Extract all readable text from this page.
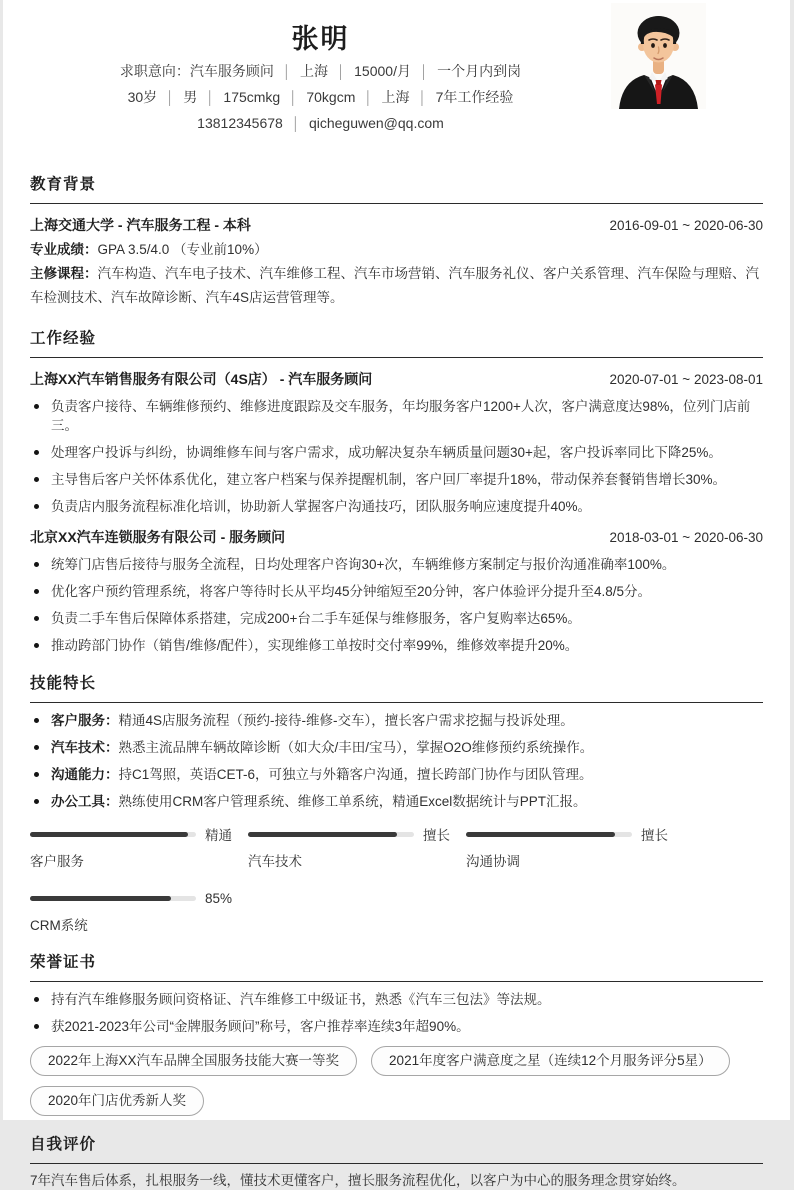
张明
求职意向：汽车服务顾问 │ 上海 │ 15000/月 │ 一个月内到岗
30岁 │ 男 │ 175cmkg │ 70kgcm │ 上海 │ 7年工作经验
13812345678 │ qicheguwen@qq.com
教育背景
上海交通大学 - 汽车服务工程 - 本科	2016-09-01 ~ 2020-06-30
专业成绩：GPA 3.5/4.0 （专业前10%）
主修课程：汽车构造、汽车电子技术、汽车维修工程、汽车市场营销、汽车服务礼仪、客户关系管理、汽车保险与理赔、汽车检测技术、汽车故障诊断、汽车4S店运营管理等。
工作经验
上海XX汽车销售服务有限公司（4S店） - 汽车服务顾问	2020-07-01 ~ 2023-08-01
负责客户接待、车辆维修预约、维修进度跟踪及交车服务，年均服务客户1200+人次，客户满意度达98%，位列门店前三。
处理客户投诉与纠纷，协调维修车间与客户需求，成功解决复杂车辆质量问题30+起，客户投诉率同比下降25%。
主导售后客户关怀体系优化，建立客户档案与保养提醒机制，客户回厂率提升18%，带动保养套餐销售增长30%。
负责店内服务流程标准化培训，协助新人掌握客户沟通技巧，团队服务响应速度提升40%。
北京XX汽车连锁服务有限公司 - 服务顾问	2018-03-01 ~ 2020-06-30
统筹门店售后接待与服务全流程，日均处理客户咨询30+次，车辆维修方案制定与报价沟通准确率100%。
优化客户预约管理系统，将客户等待时长从平均45分钟缩短至20分钟，客户体验评分提升至4.8/5分。
负责二手车售后保障体系搭建，完成200+台二手车延保与维修服务，客户复购率达65%。
推动跨部门协作（销售/维修/配件），实现维修工单按时交付率99%，维修效率提升20%。
技能特长
客户服务：精通4S店服务流程（预约-接待-维修-交车），擅长客户需求挖掘与投诉处理。
汽车技术：熟悉主流品牌车辆故障诊断（如大众/丰田/宝马），掌握O2O维修预约系统操作。
沟通能力：持C1驾照，英语CET-6，可独立与外籍客户沟通，擅长跨部门协作与团队管理。
办公工具：熟练使用CRM客户管理系统、维修工单系统，精通Excel数据统计与PPT汇报。
精通
客户服务
擅长
汽车技术
擅长
沟通协调
85%
CRM系统
荣誉证书
持有汽车维修服务顾问资格证、汽车维修工中级证书，熟悉《汽车三包法》等法规。
获2021-2023年公司“金牌服务顾问”称号，客户推荐率连续3年超90%。
2022年上海XX汽车品牌全国服务技能大赛一等奖	2021年度客户满意度之星（连续12个月服务评分5星）
2020年门店优秀新人奖
自我评价
7年汽车售后体系，扎根服务一线，懂技术更懂客户，擅长服务流程优化，以客户为中心的服务理念贯穿始终。
